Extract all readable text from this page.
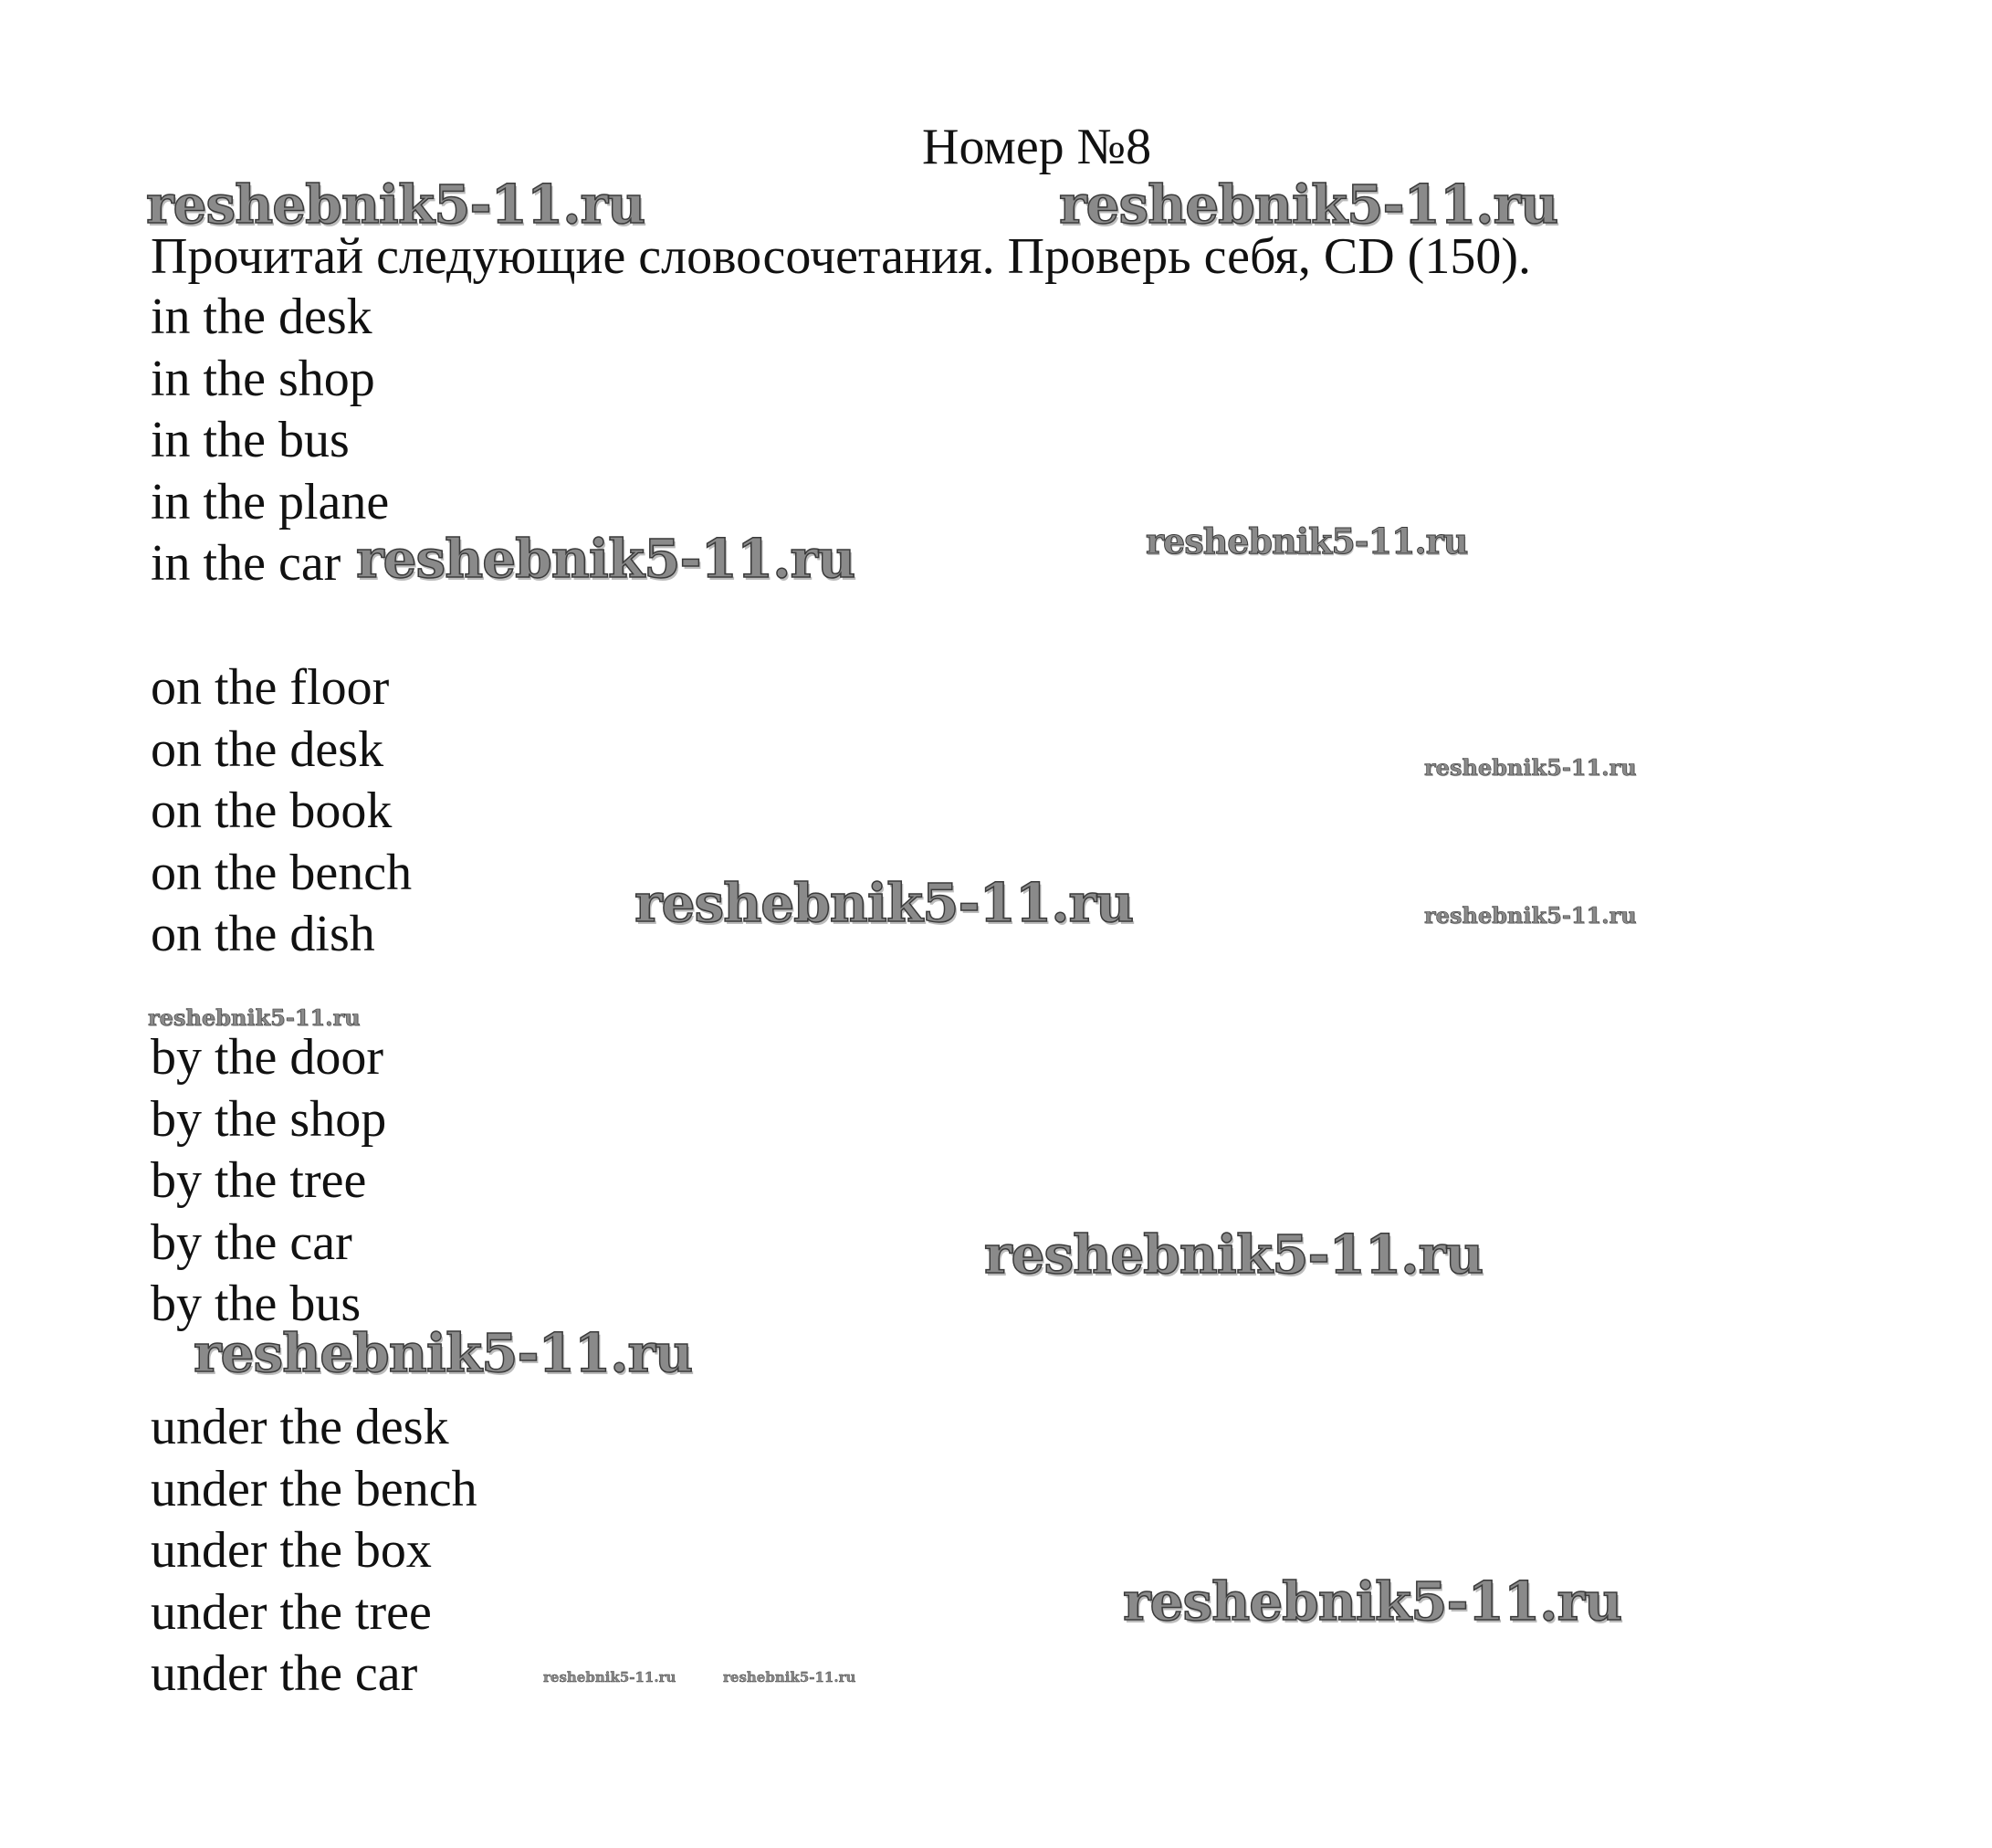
Номер №8
reshebnik5-11.ru	reshebnik5-11.ru
Прочитай следующие словосочетания. Проверь себя, CD (150).
in the desk
in the shop
in the bus
in the plane
in the car reshebnik5-11.ru	reshebnik5-11.ru
on the floor
on the desk
on the book
on the bench
on the dish
reshebnik5-11.ru
reshebnik5-11.ru	reshebnik5-11.ru
reshebnik5-11.ru
by the door
by the shop
by the tree
by the car
by the bus
reshebnik5-11.ru
reshebnik5-11.ru
under the desk
under the bench
under the box
under the tree
under the car
reshebnik5-11.ru
reshebnik5-11.ru	reshebnik5-11.ru
